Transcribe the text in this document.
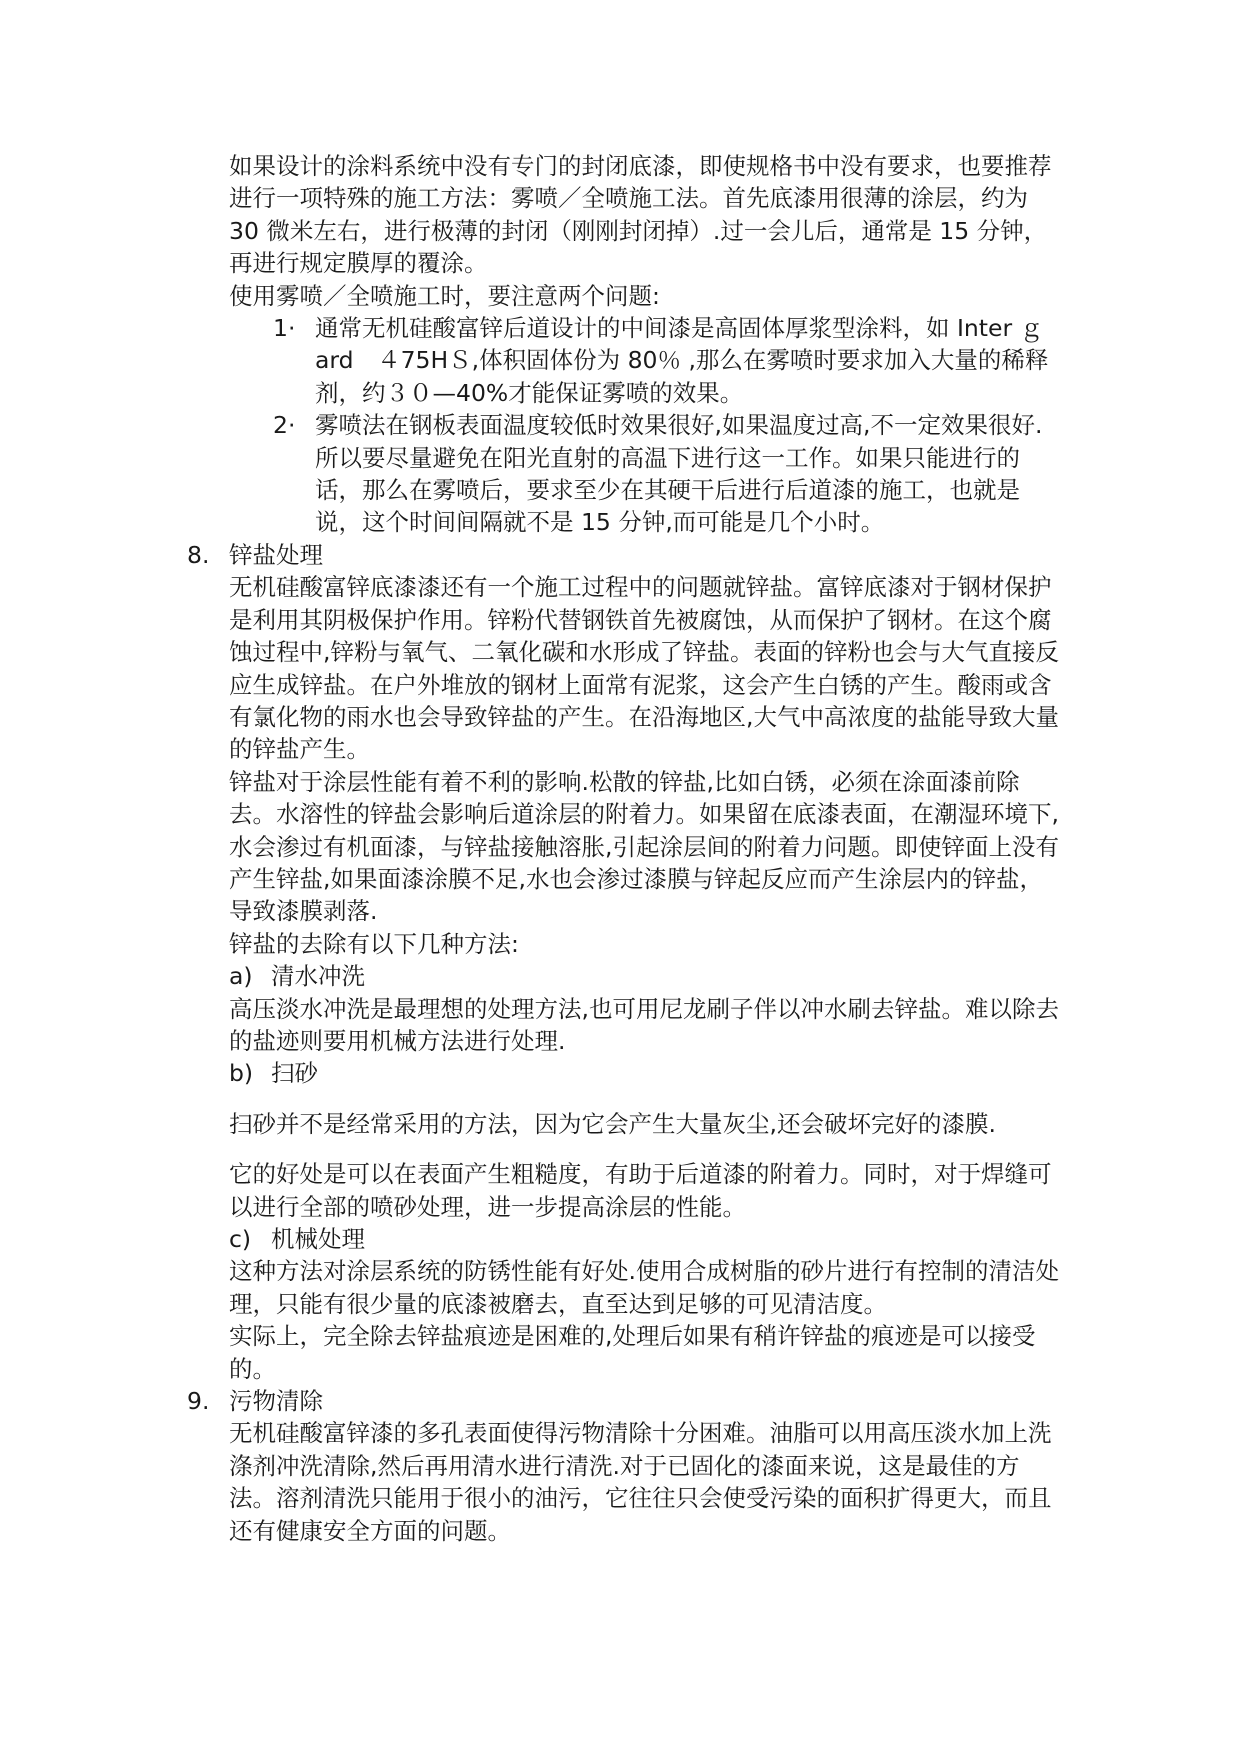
如果设计的涂料系统中没有专门的封闭底漆，即使规格书中没有要求，也要推荐进行一项特殊的施工方法：雾喷／全喷施工法。首先底漆用很薄的涂层，约为 30 微米左右，进行极薄的封闭（刚刚封闭掉）.过一会儿后，通常是 15 分钟，再进行规定膜厚的覆涂。

使用雾喷／全喷施工时，要注意两个问题:

1· 通常无机硅酸富锌后道设计的中间漆是高固体厚浆型涂料，如 Inter ｇard　４75HＳ,体积固体份为 80％ ,那么在雾喷时要求加入大量的稀释剂，约３０—40%才能保证雾喷的效果。
2· 雾喷法在钢板表面温度较低时效果很好,如果温度过高,不一定效果很好.所以要尽量避免在阳光直射的高温下进行这一工作。如果只能进行的话，那么在雾喷后，要求至少在其硬干后进行后道漆的施工，也就是说，这个时间间隔就不是 15 分钟,而可能是几个小时。
8. 锌盐处理

无机硅酸富锌底漆漆还有一个施工过程中的问题就锌盐。富锌底漆对于钢材保护是利用其阴极保护作用。锌粉代替钢铁首先被腐蚀，从而保护了钢材。在这个腐蚀过程中,锌粉与氧气、二氧化碳和水形成了锌盐。表面的锌粉也会与大气直接反应生成锌盐。在户外堆放的钢材上面常有泥浆，这会产生白锈的产生。酸雨或含有氯化物的雨水也会导致锌盐的产生。在沿海地区,大气中高浓度的盐能导致大量的锌盐产生。

锌盐对于涂层性能有着不利的影响.松散的锌盐,比如白锈，必须在涂面漆前除去。水溶性的锌盐会影响后道涂层的附着力。如果留在底漆表面，在潮湿环境下,水会渗过有机面漆，与锌盐接触溶胀,引起涂层间的附着力问题。即使锌面上没有产生锌盐,如果面漆涂膜不足,水也会渗过漆膜与锌起反应而产生涂层内的锌盐，导致漆膜剥落.

锌盐的去除有以下几种方法:

a) 清水冲洗

高压淡水冲洗是最理想的处理方法,也可用尼龙刷子伴以冲水刷去锌盐。难以除去的盐迹则要用机械方法进行处理.

b) 扫砂

扫砂并不是经常采用的方法，因为它会产生大量灰尘,还会破坏完好的漆膜.

它的好处是可以在表面产生粗糙度，有助于后道漆的附着力。同时，对于焊缝可以进行全部的喷砂处理，进一步提高涂层的性能。

c) 机械处理

这种方法对涂层系统的防锈性能有好处.使用合成树脂的砂片进行有控制的清洁处理，只能有很少量的底漆被磨去，直至达到足够的可见清洁度。

实际上，完全除去锌盐痕迹是困难的,处理后如果有稍许锌盐的痕迹是可以接受的。

9. 污物清除

无机硅酸富锌漆的多孔表面使得污物清除十分困难。油脂可以用高压淡水加上洗涤剂冲洗清除,然后再用清水进行清洗.对于已固化的漆面来说，这是最佳的方法。溶剂清洗只能用于很小的油污，它往往只会使受污染的面积扩得更大，而且还有健康安全方面的问题。
